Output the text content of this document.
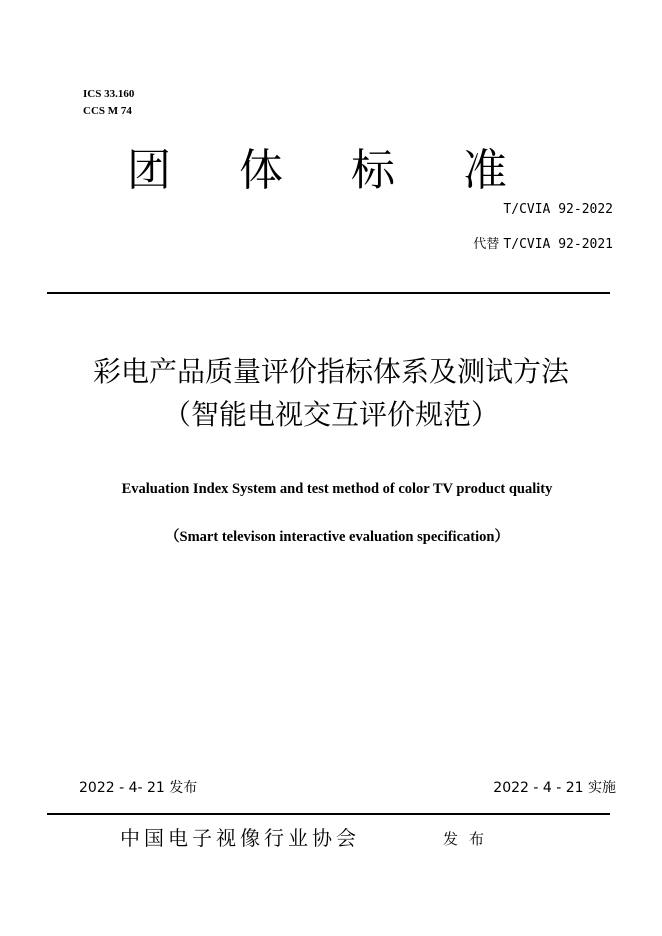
ICS 33.160
CCS M 74
团 体 标 准
T/CVIA 92-2022
代替 T/CVIA 92-2021
彩电产品质量评价指标体系及测试方法
（智能电视交互评价规范）
Evaluation Index System and test method of color TV product quality
（Smart televison interactive evaluation specification）
2022 - 4- 21 发布	2022 - 4 - 21 实施
中国电子视像行业协会	发布
